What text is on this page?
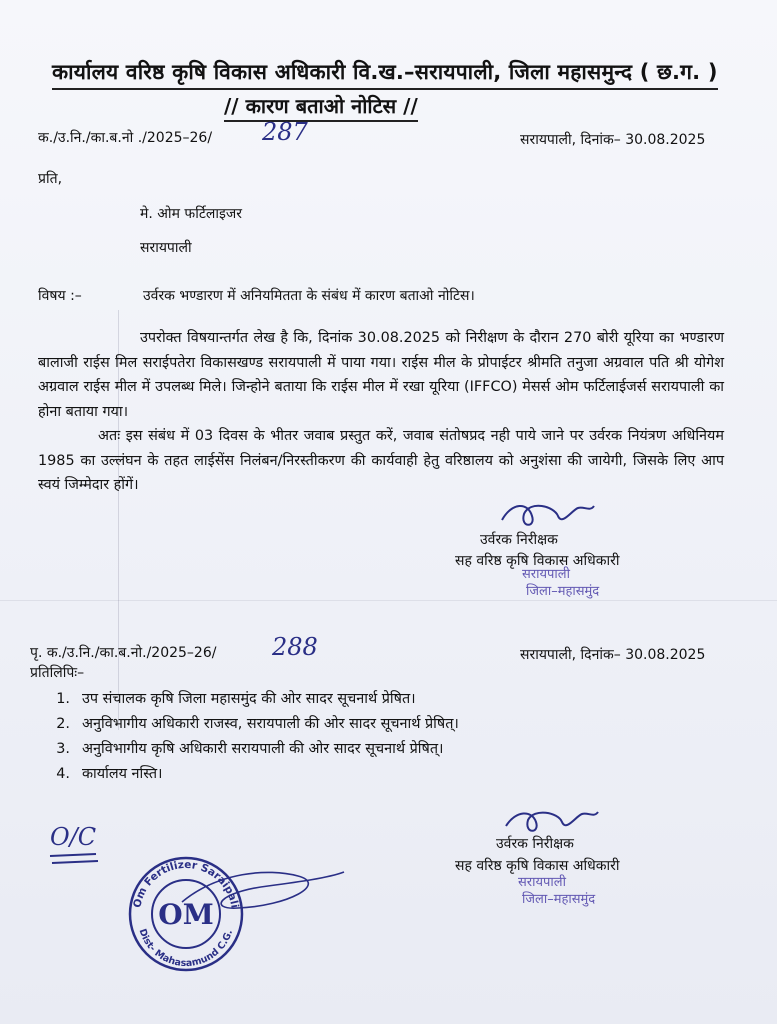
कार्यालय वरिष्ठ कृषि विकास अधिकारी वि.ख.–सरायपाली, जिला महासमुन्द ( छ.ग. )
// कारण बताओ नोटिस //
क./उ.नि./का.ब.नो ./2025–26/ 287	सरायपाली, दिनांक– 30.08.2025
प्रति,
मे. ओम फर्टिलाइजर
सरायपाली
विषय :–	उर्वरक भण्डारण में अनियमितता के संबंध में कारण बताओ नोटिस।

उपरोक्त विषयान्तर्गत लेख है कि, दिनांक 30.08.2025 को निरीक्षण के दौरान 270 बोरी यूरिया का भण्डारण बालाजी राईस मिल सराईपतेरा विकासखण्ड सरायपाली में पाया गया। राईस मील के प्रोपाईटर श्रीमति तनुजा अग्रवाल पति श्री योगेश अग्रवाल राईस मील में उपलब्ध मिले। जिन्होने बताया कि राईस मील में रखा यूरिया (IFFCO) मेसर्स ओम फर्टिलाईजर्स सरायपाली का होना बताया गया।

अतः इस संबंध में 03 दिवस के भीतर जवाब प्रस्तुत करें, जवाब संतोषप्रद नही पाये जाने पर उर्वरक नियंत्रण अधिनियम 1985 का उल्लंघन के तहत लाईसेंस निलंबन/निरस्तीकरण की कार्यवाही हेतु वरिष्ठालय को अनुशंसा की जायेगी, जिसके लिए आप स्वयं जिम्मेदार होंगें।

उर्वरक निरीक्षक
सह वरिष्ठ कृषि विकास अधिकारी
सरायपाली
जिला–महासमुंद
पृ. क./उ.नि./का.ब.नो./2025–26/ 288	सरायपाली, दिनांक– 30.08.2025
प्रतिलिपिः–
1. उप संचालक कृषि जिला महासमुंद की ओर सादर सूचनार्थ प्रेषित।
2. अनुविभागीय अधिकारी राजस्व, सरायपाली की ओर सादर सूचनार्थ प्रेषित्।
3. अनुविभागीय कृषि अधिकारी सरायपाली की ओर सादर सूचनार्थ प्रेषित्।
4. कार्यालय नस्ति।
O/C
Om Fertilizer Saraipali
Dist- Mahasamund C.G.
OM
उर्वरक निरीक्षक
सह वरिष्ठ कृषि विकास अधिकारी
सरायपाली
जिला–महासमुंद
